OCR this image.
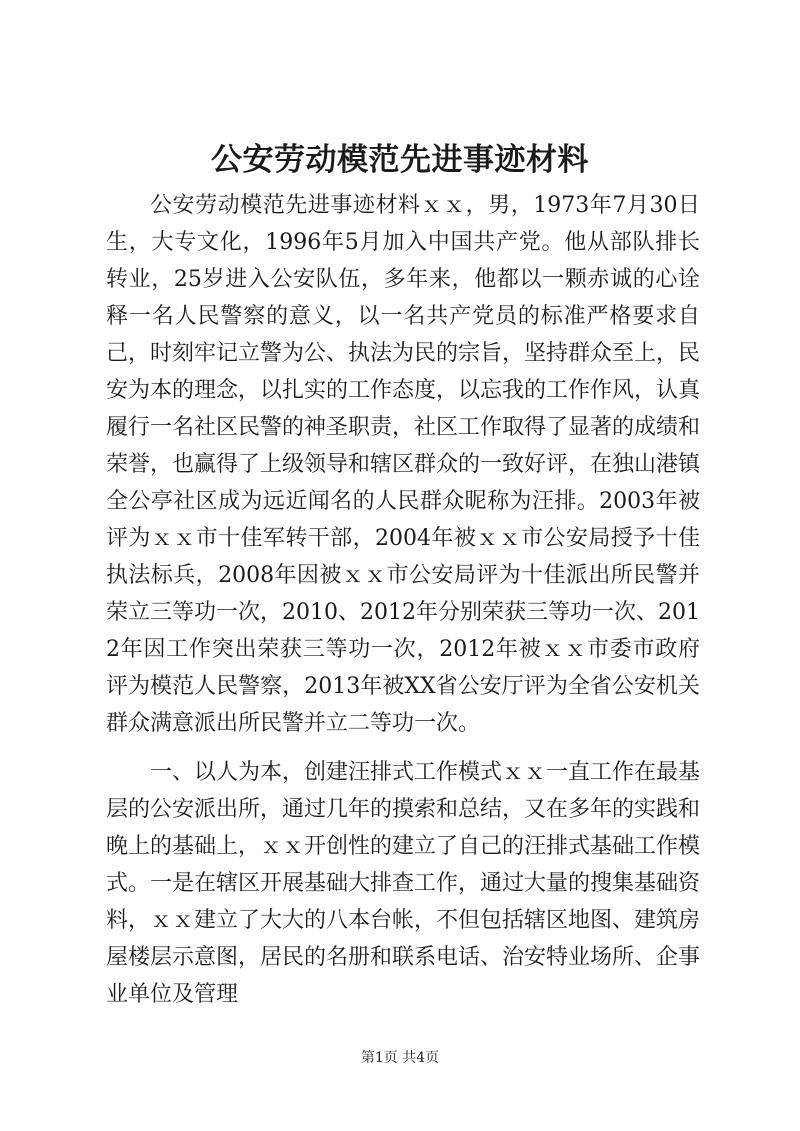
公安劳动模范先进事迹材料

公安劳动模范先进事迹材料ｘｘ，男，1973年7月30日生，大专文化，1996年5月加入中国共产党。他从部队排长转业，25岁进入公安队伍，多年来，他都以一颗赤诚的心诠释一名人民警察的意义，以一名共产党员的标准严格要求自己，时刻牢记立警为公、执法为民的宗旨，坚持群众至上，民安为本的理念，以扎实的工作态度，以忘我的工作作风，认真履行一名社区民警的神圣职责，社区工作取得了显著的成绩和荣誉，也赢得了上级领导和辖区群众的一致好评，在独山港镇全公亭社区成为远近闻名的人民群众昵称为汪排。2003年被评为ｘｘ市十佳军转干部，2004年被ｘｘ市公安局授予十佳执法标兵，2008年因被ｘｘ市公安局评为十佳派出所民警并荣立三等功一次，2010、2012年分别荣获三等功一次、2012年因工作突出荣获三等功一次，2012年被ｘｘ市委市政府评为模范人民警察，2013年被XX省公安厅评为全省公安机关群众满意派出所民警并立二等功一次。

一、以人为本，创建汪排式工作模式ｘｘ一直工作在最基层的公安派出所，通过几年的摸索和总结，又在多年的实践和晚上的基础上，ｘｘ开创性的建立了自己的汪排式基础工作模式。一是在辖区开展基础大排查工作，通过大量的搜集基础资料，ｘｘ建立了大大的八本台帐，不但包括辖区地图、建筑房屋楼层示意图，居民的名册和联系电话、治安特业场所、企事业单位及管理

第1页 共4页
